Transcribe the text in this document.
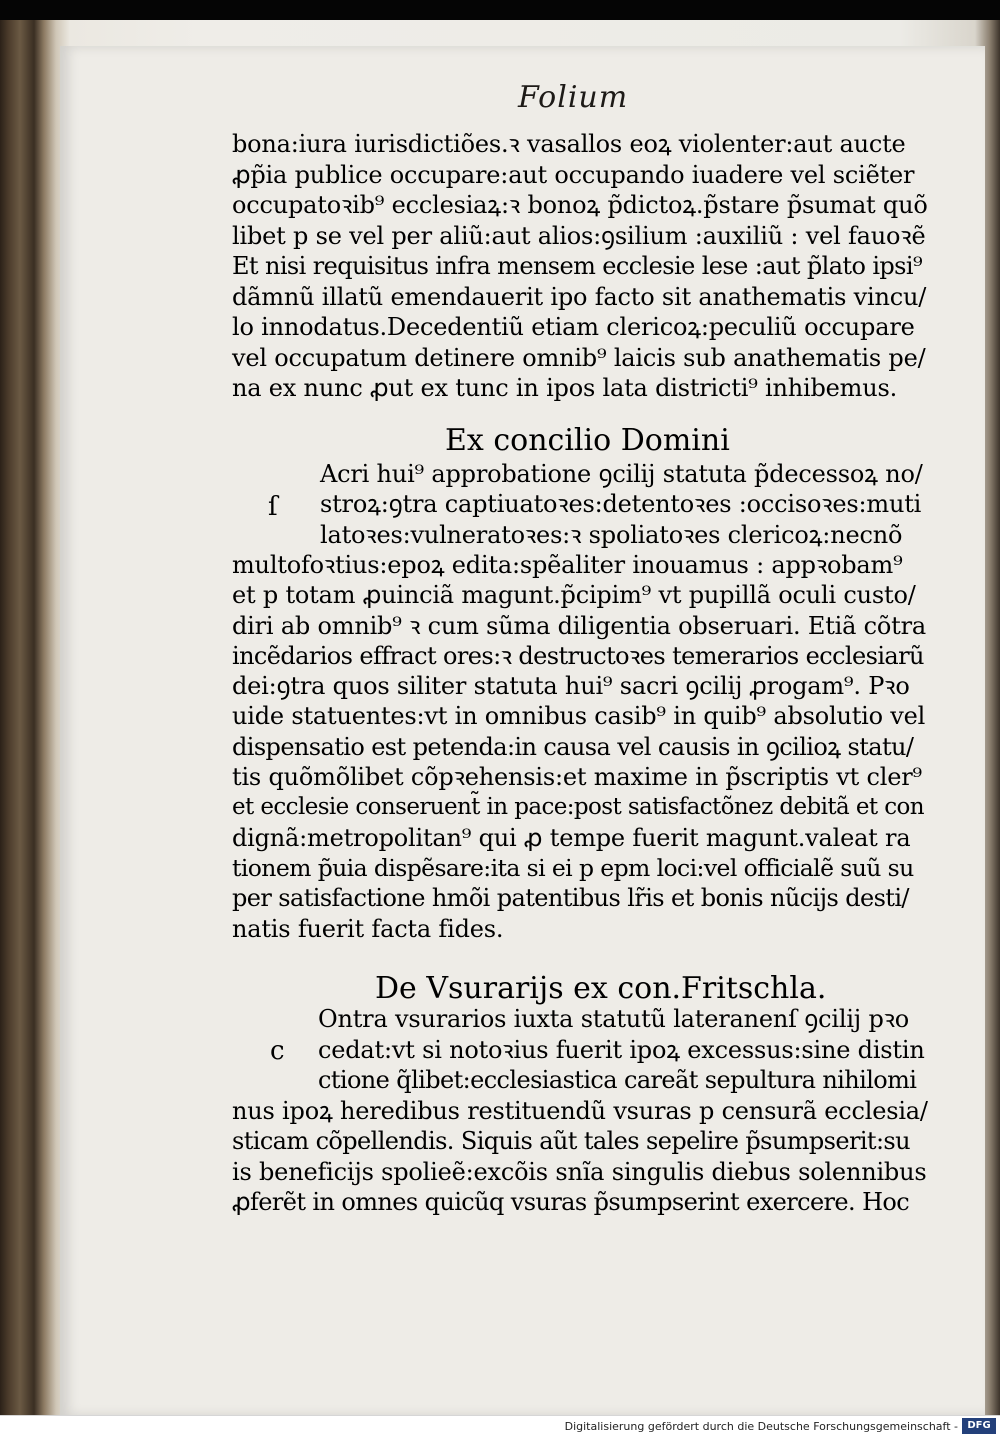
Folium
bona:iura iurisdictiões.ꝛ vasallos eoꝝ violenter:aut aucte
ꝓp̃ia publice occupare:aut occupando iuadere vel sciẽter
occupatoꝛib⁹ ecclesiaꝝ:ꝛ bonoꝝ p̃dictoꝝ.p̃stare p̃sumat quõ
libet p se vel per aliũ:aut alios:ꝯsilium :auxiliũ : vel fauoꝛẽ
Et nisi requisitus infra mensem ecclesie lese :aut p̃lato ipsi⁹
dãmnũ illatũ emendauerit ipo facto sit anathematis vincu/
lo innodatus.Decedentiũ etiam clericoꝝ:peculiũ occupare
vel occupatum detinere omnib⁹ laicis sub anathematis pe/
na ex nunc ꝓut ex tunc in ipos lata districti⁹ inhibemus.
Ex concilio Domini
ſ
Acri hui⁹ approbatione ꝯcilij statuta p̃decessoꝝ no/
stroꝝ:ꝯtra captiuatoꝛes:detentoꝛes :occisoꝛes:muti
latoꝛes:vulneratoꝛes:ꝛ spoliatoꝛes clericoꝝ:necnõ
multofoꝛtius:epoꝝ edita:spẽaliter inouamus : appꝛobam⁹
et p totam ꝓuinciã magunt.p̃cipim⁹ vt pupillã oculi custo/
diri ab omnib⁹ ꝛ cum sũma diligentia obseruari. Etiã cõtra
incẽdarios effract ores:ꝛ destructoꝛes temerarios ecclesiarũ
dei:ꝯtra quos siliter statuta hui⁹ sacri ꝯcilij ꝓrogam⁹. Pꝛo
uide statuentes:vt in omnibus casib⁹ in quib⁹ absolutio vel
dispensatio est petenda:in causa vel causis in ꝯcilioꝝ statu/
tis quõmõlibet cõpꝛehensis:et maxime in p̃scriptis vt cler⁹
et ecclesie conseruent̃ in pace:post satisfactõnez debitã et con
dignã:metropolitan⁹ qui ꝓ tempe fuerit magunt.valeat ra
tionem p̃uia dispẽsare:ita si ei p epm loci:vel officialẽ suũ su
per satisfactione hmõi patentibus lr̃is et bonis nũcijs desti/
natis fuerit facta fides.
De Vsurarijs ex con.Fritschla.
c
Ontra vsurarios iuxta statutũ lateranenſ ꝯcilij pꝛo
cedat:vt si notoꝛius fuerit ipoꝝ excessus:sine distin
ctione q̃libet:ecclesiastica careãt sepultura nihilomi
nus ipoꝝ heredibus restituendũ vsuras p censurã ecclesia/
sticam cõpellendis. Siquis aũt tales sepelire p̃sumpserit:su
is beneficijs spolieẽ:excõis snĩa singulis diebus solennibus
ꝓferẽt in omnes quicũq vsuras p̃sumpserint exercere. Hoc
Digitalisierung gefördert durch die Deutsche Forschungsgemeinschaft - DFG
